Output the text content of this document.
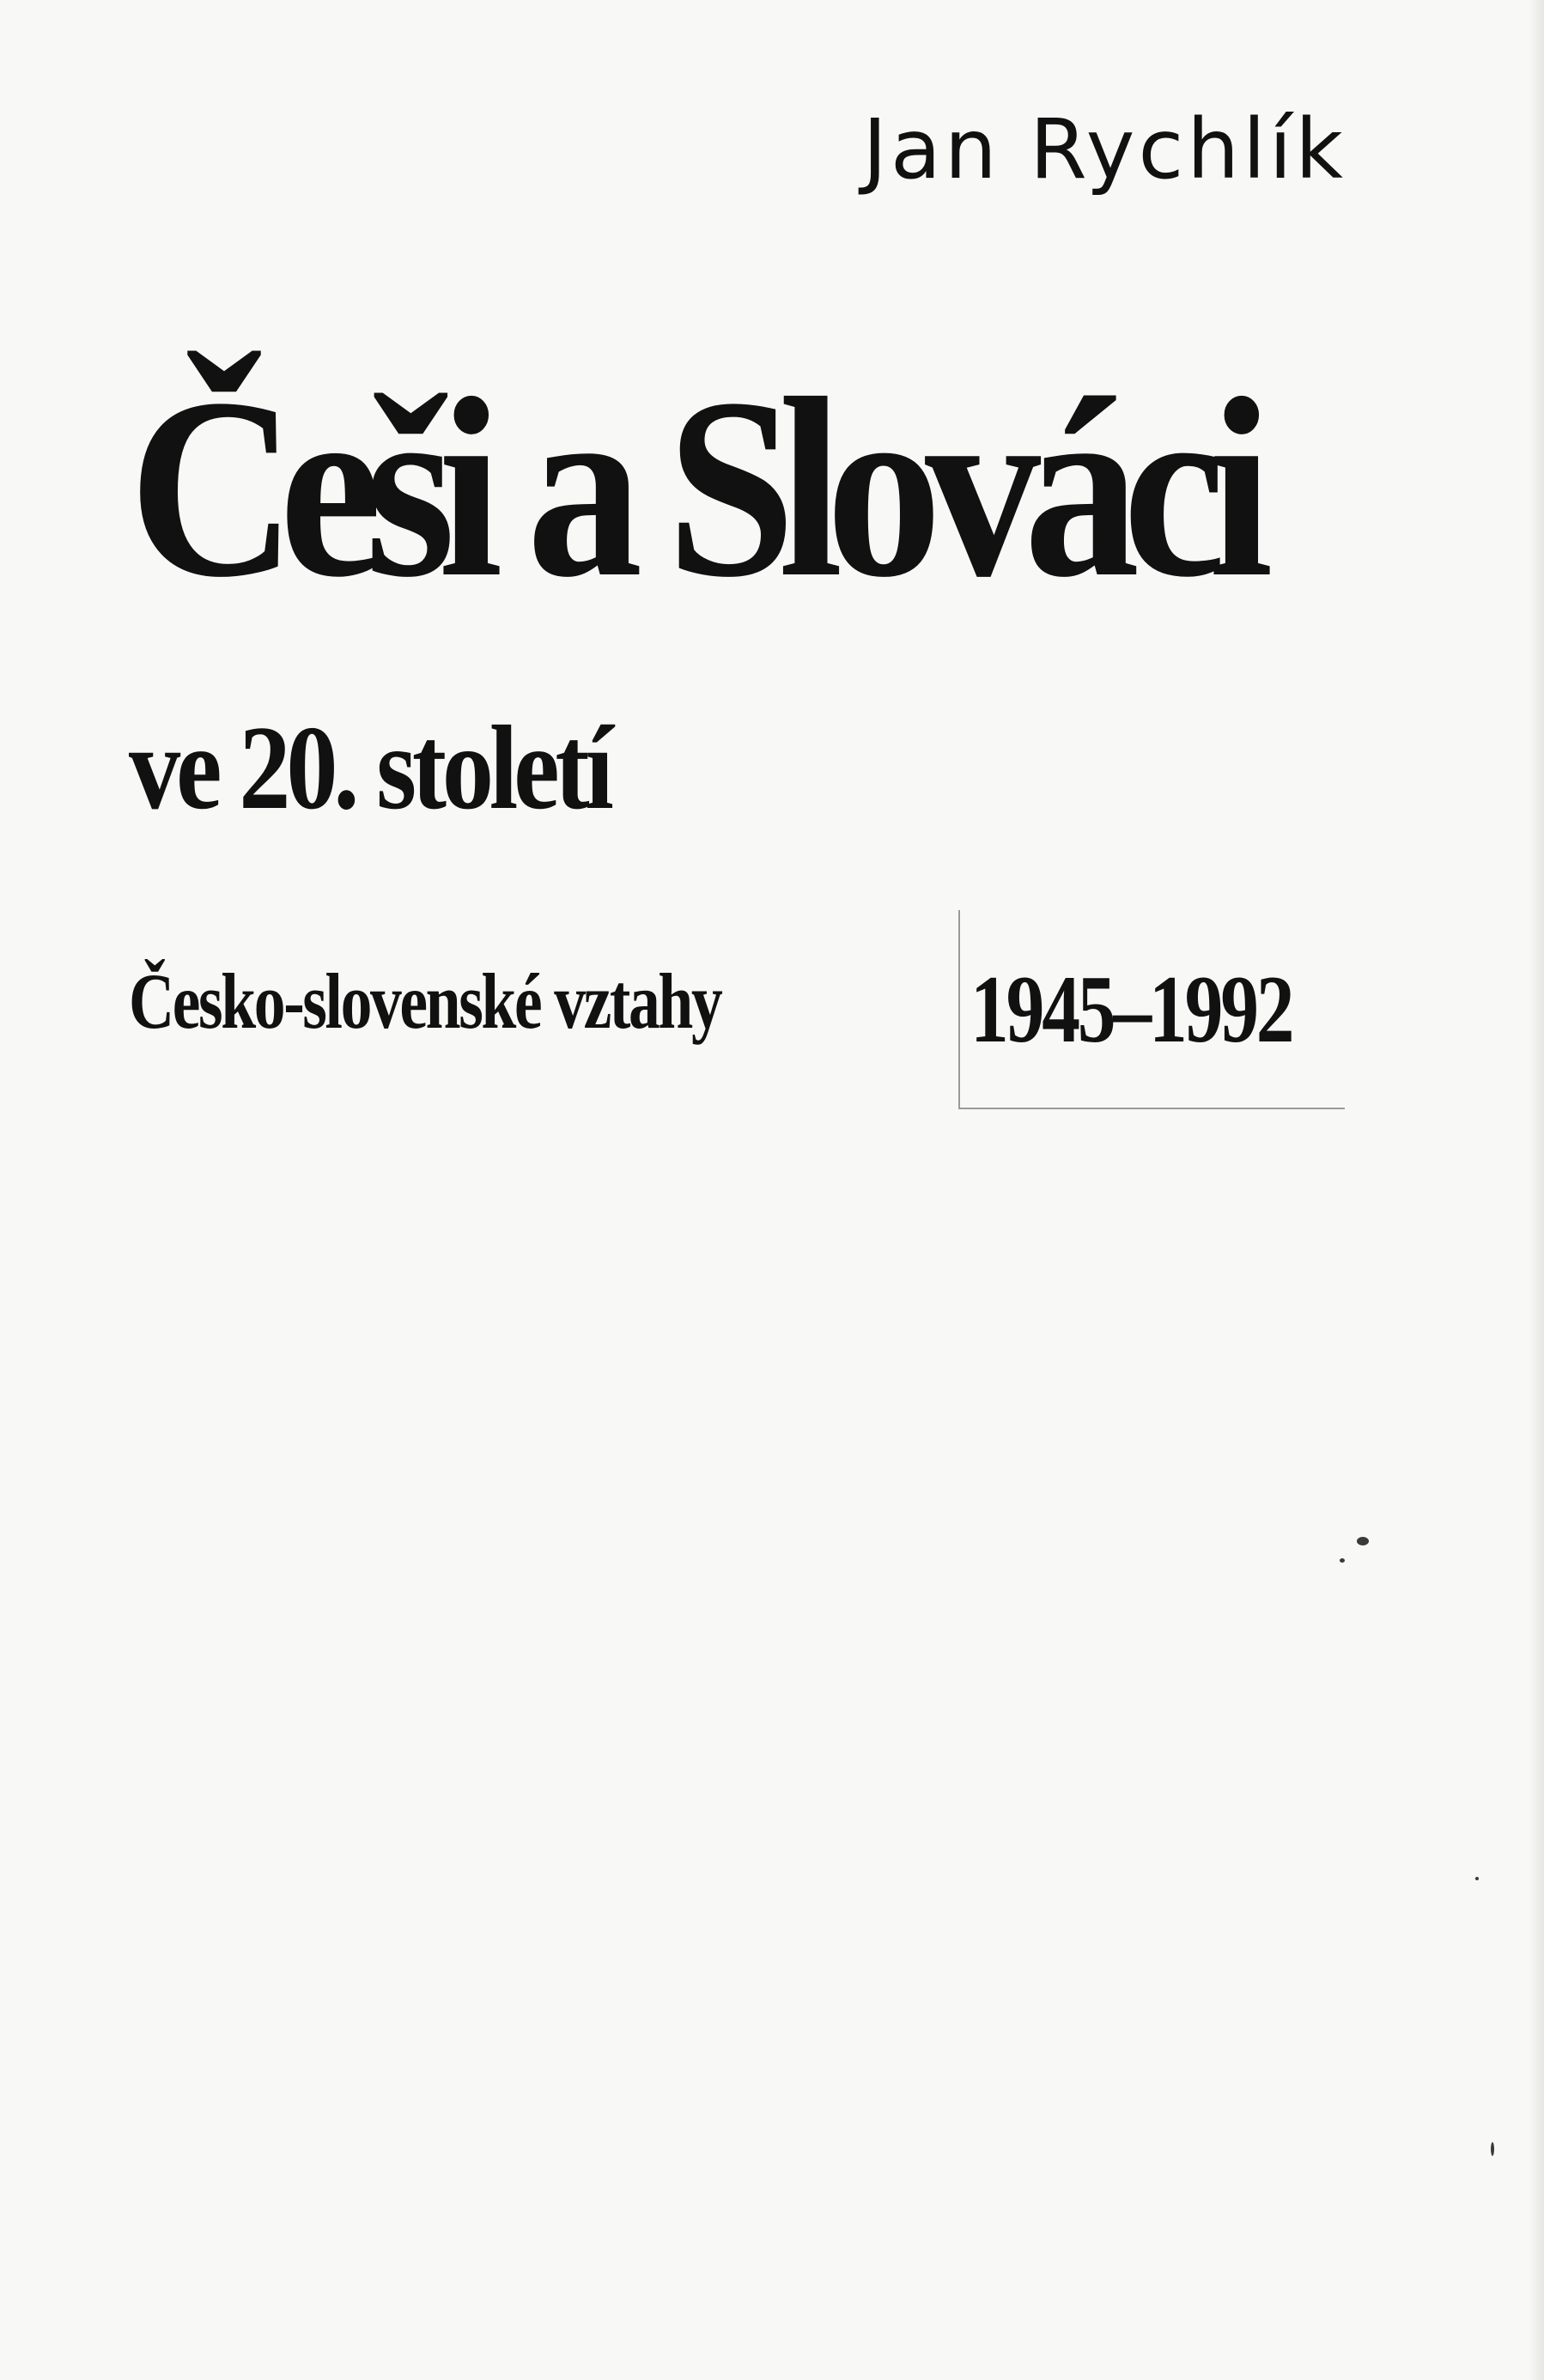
Jan Rychlík
Češi a Slováci
ve 20. století
Česko-slovenské vztahy	1945–1992
